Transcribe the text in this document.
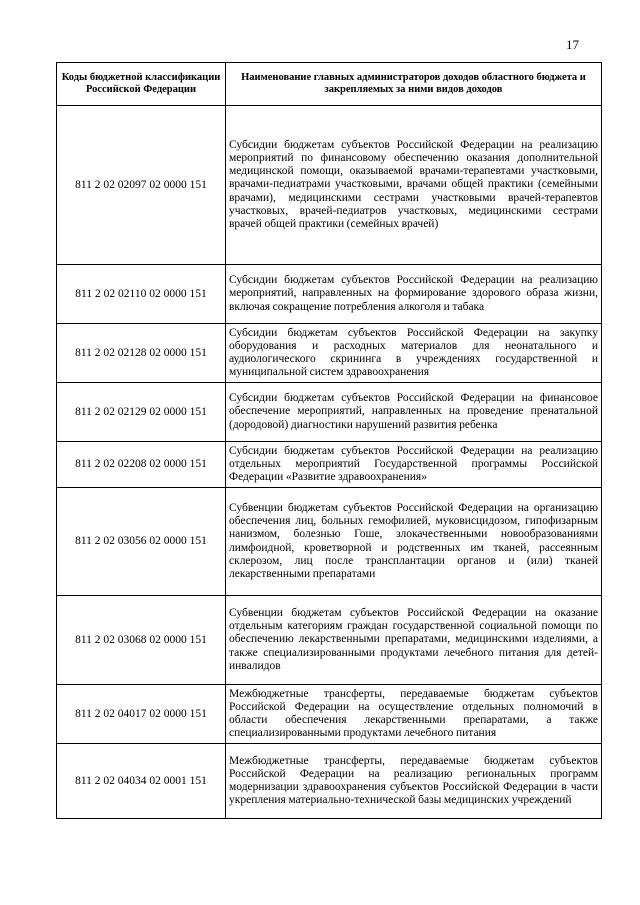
17
Коды бюджетной классификации Российской Федерации	Наименование главных администраторов доходов областного бюджета и закрепляемых за ними видов доходов
811 2 02 02097 02 0000 151	Субсидии бюджетам субъектов Российской Федерации на реализацию мероприятий по финансовому обеспечению оказания дополнительной медицинской помощи, оказываемой врачами-терапевтами участковыми, врачами-педиатрами участковыми, врачами общей практики (семейными врачами), медицинскими сестрами участковыми врачей-терапевтов участковых, врачей-педиатров участковых, медицинскими сестрами врачей общей практики (семейных врачей)
811 2 02 02110 02 0000 151	Субсидии бюджетам субъектов Российской Федерации на реализацию мероприятий, направленных на формирование здорового образа жизни, включая сокращение потребления алкоголя и табака
811 2 02 02128 02 0000 151	Субсидии бюджетам субъектов Российской Федерации на закупку оборудования и расходных материалов для неонатального и аудиологического скрининга в учреждениях государственной и муниципальной систем здравоохранения
811 2 02 02129 02 0000 151	Субсидии бюджетам субъектов Российской Федерации на финансовое обеспечение мероприятий, направленных на проведение пренатальной (дородовой) диагностики нарушений развития ребенка
811 2 02 02208 02 0000 151	Субсидии бюджетам субъектов Российской Федерации на реализацию отдельных мероприятий Государственной программы Российской Федерации «Развитие здравоохранения»
811 2 02 03056 02 0000 151	Субвенции бюджетам субъектов Российской Федерации на организацию обеспечения лиц, больных гемофилией, муковисцидозом, гипофизарным нанизмом, болезнью Гоше, злокачественными новообразованиями лимфоидной, кроветворной и родственных им тканей, рассеянным склерозом, лиц после трансплантации органов и (или) тканей лекарственными препаратами
811 2 02 03068 02 0000 151	Субвенции бюджетам субъектов Российской Федерации на оказание отдельным категориям граждан государственной социальной помощи по обеспечению лекарственными препаратами, медицинскими изделиями, а также специализированными продуктами лечебного питания для детей-инвалидов
811 2 02 04017 02 0000 151	Межбюджетные трансферты, передаваемые бюджетам субъектов Российской Федерации на осуществление отдельных полномочий в области обеспечения лекарственными препаратами, а также специализированными продуктами лечебного питания
811 2 02 04034 02 0001 151	Межбюджетные трансферты, передаваемые бюджетам субъектов Российской Федерации на реализацию региональных программ модернизации здравоохранения субъектов Российской Федерации в части укрепления материально-технической базы медицинских учреждений
